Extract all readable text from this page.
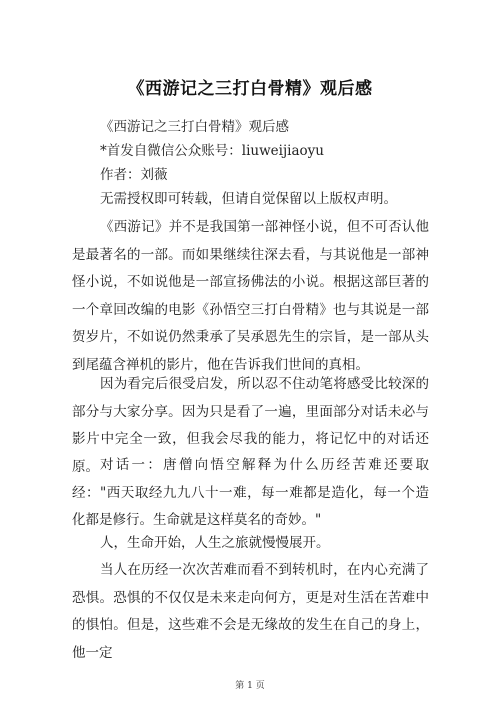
《西游记之三打白骨精》观后感
《西游记之三打白骨精》观后感
*首发自微信公众账号：liuweijiaoyu
作者：刘薇

无需授权即可转载，但请自觉保留以上版权声明。

《西游记》并不是我国第一部神怪小说，但不可否认他是最著名的一部。而如果继续往深去看，与其说他是一部神怪小说，不如说他是一部宣扬佛法的小说。根据这部巨著的一个章回改编的电影《孙悟空三打白骨精》也与其说是一部贺岁片，不如说仍然秉承了吴承恩先生的宗旨，是一部从头到尾蕴含禅机的影片，他在告诉我们世间的真相。

因为看完后很受启发，所以忍不住动笔将感受比较深的部分与大家分享。因为只是看了一遍，里面部分对话未必与影片中完全一致，但我会尽我的能力，将记忆中的对话还原。 对话一：唐僧向悟空解释为什么历经苦难还要取经："西天取经九九八十一难，每一难都是造化，每一个造化都是修行。生命就是这样莫名的奇妙。"

人，生命开始，人生之旅就慢慢展开。

当人在历经一次次苦难而看不到转机时，在内心充满了恐惧。恐惧的不仅仅是未来走向何方，更是对生活在苦难中的惧怕。但是，这些难不会是无缘故的发生在自己的身上，他一定

第 1 页
